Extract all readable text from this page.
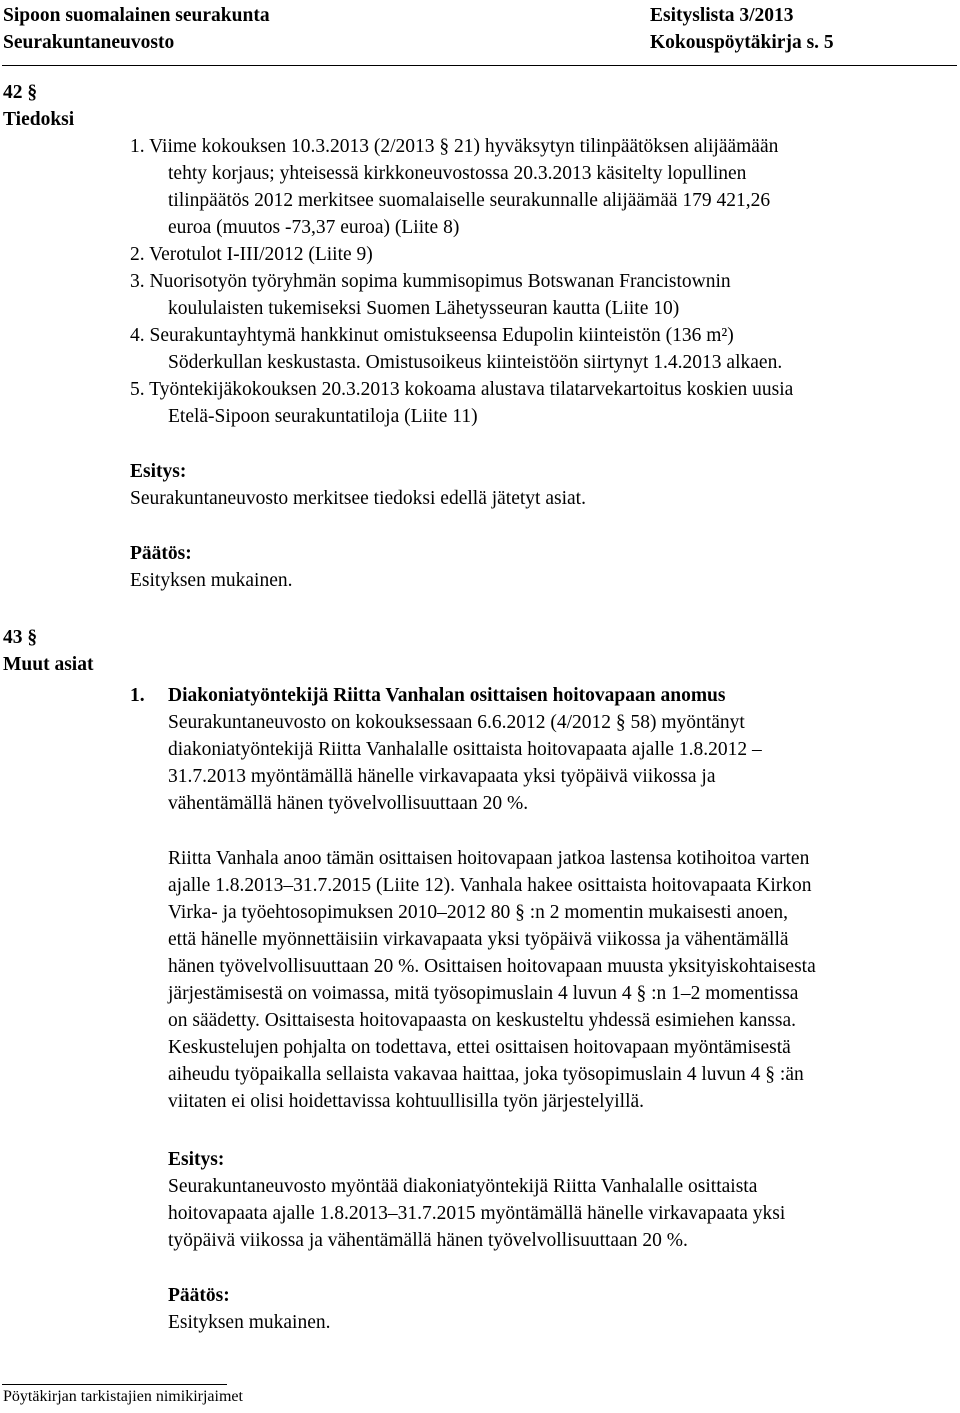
Sipoon suomalainen seurakunta
Seurakuntaneuvosto
Esityslista 3/2013
Kokouspöytäkirja s. 5
42 §
Tiedoksi
1. Viime kokouksen 10.3.2013 (2/2013 § 21) hyväksytyn tilinpäätöksen alijäämään
tehty korjaus; yhteisessä kirkkoneuvostossa 20.3.2013 käsitelty lopullinen
tilinpäätös 2012 merkitsee suomalaiselle seurakunnalle alijäämää 179 421,26
euroa (muutos -73,37 euroa) (Liite 8)
2. Verotulot I-III/2012 (Liite 9)
3. Nuorisotyön työryhmän sopima kummisopimus Botswanan Francistownin
koululaisten tukemiseksi Suomen Lähetysseuran kautta (Liite 10)
4. Seurakuntayhtymä hankkinut omistukseensa Edupolin kiinteistön (136 m²)
Söderkullan keskustasta. Omistusoikeus kiinteistöön siirtynyt 1.4.2013 alkaen.
5. Työntekijäkokouksen 20.3.2013 kokoama alustava tilatarvekartoitus koskien uusia
Etelä-Sipoon seurakuntatiloja (Liite 11)
Esitys:
Seurakuntaneuvosto merkitsee tiedoksi edellä jätetyt asiat.
Päätös:
Esityksen mukainen.
43 §
Muut asiat
1. Diakoniatyöntekijä Riitta Vanhalan osittaisen hoitovapaan anomus
Seurakuntaneuvosto on kokouksessaan 6.6.2012 (4/2012 § 58) myöntänyt
diakoniatyöntekijä Riitta Vanhalalle osittaista hoitovapaata ajalle 1.8.2012 –
31.7.2013 myöntämällä hänelle virkavapaata yksi työpäivä viikossa ja
vähentämällä hänen työvelvollisuuttaan 20 %.
Riitta Vanhala anoo tämän osittaisen hoitovapaan jatkoa lastensa kotihoitoa varten
ajalle 1.8.2013–31.7.2015 (Liite 12). Vanhala hakee osittaista hoitovapaata Kirkon
Virka- ja työehtosopimuksen 2010–2012 80 § :n 2 momentin mukaisesti anoen,
että hänelle myönnettäisiin virkavapaata yksi työpäivä viikossa ja vähentämällä
hänen työvelvollisuuttaan 20 %. Osittaisen hoitovapaan muusta yksityiskohtaisesta
järjestämisestä on voimassa, mitä työsopimuslain 4 luvun 4 § :n 1–2 momentissa
on säädetty. Osittaisesta hoitovapaasta on keskusteltu yhdessä esimiehen kanssa.
Keskustelujen pohjalta on todettava, ettei osittaisen hoitovapaan myöntämisestä
aiheudu työpaikalla sellaista vakavaa haittaa, joka työsopimuslain 4 luvun 4 § :än
viitaten ei olisi hoidettavissa kohtuullisilla työn järjestelyillä.
Esitys:
Seurakuntaneuvosto myöntää diakoniatyöntekijä Riitta Vanhalalle osittaista
hoitovapaata ajalle 1.8.2013–31.7.2015 myöntämällä hänelle virkavapaata yksi
työpäivä viikossa ja vähentämällä hänen työvelvollisuuttaan 20 %.
Päätös:
Esityksen mukainen.
Pöytäkirjan tarkistajien nimikirjaimet
